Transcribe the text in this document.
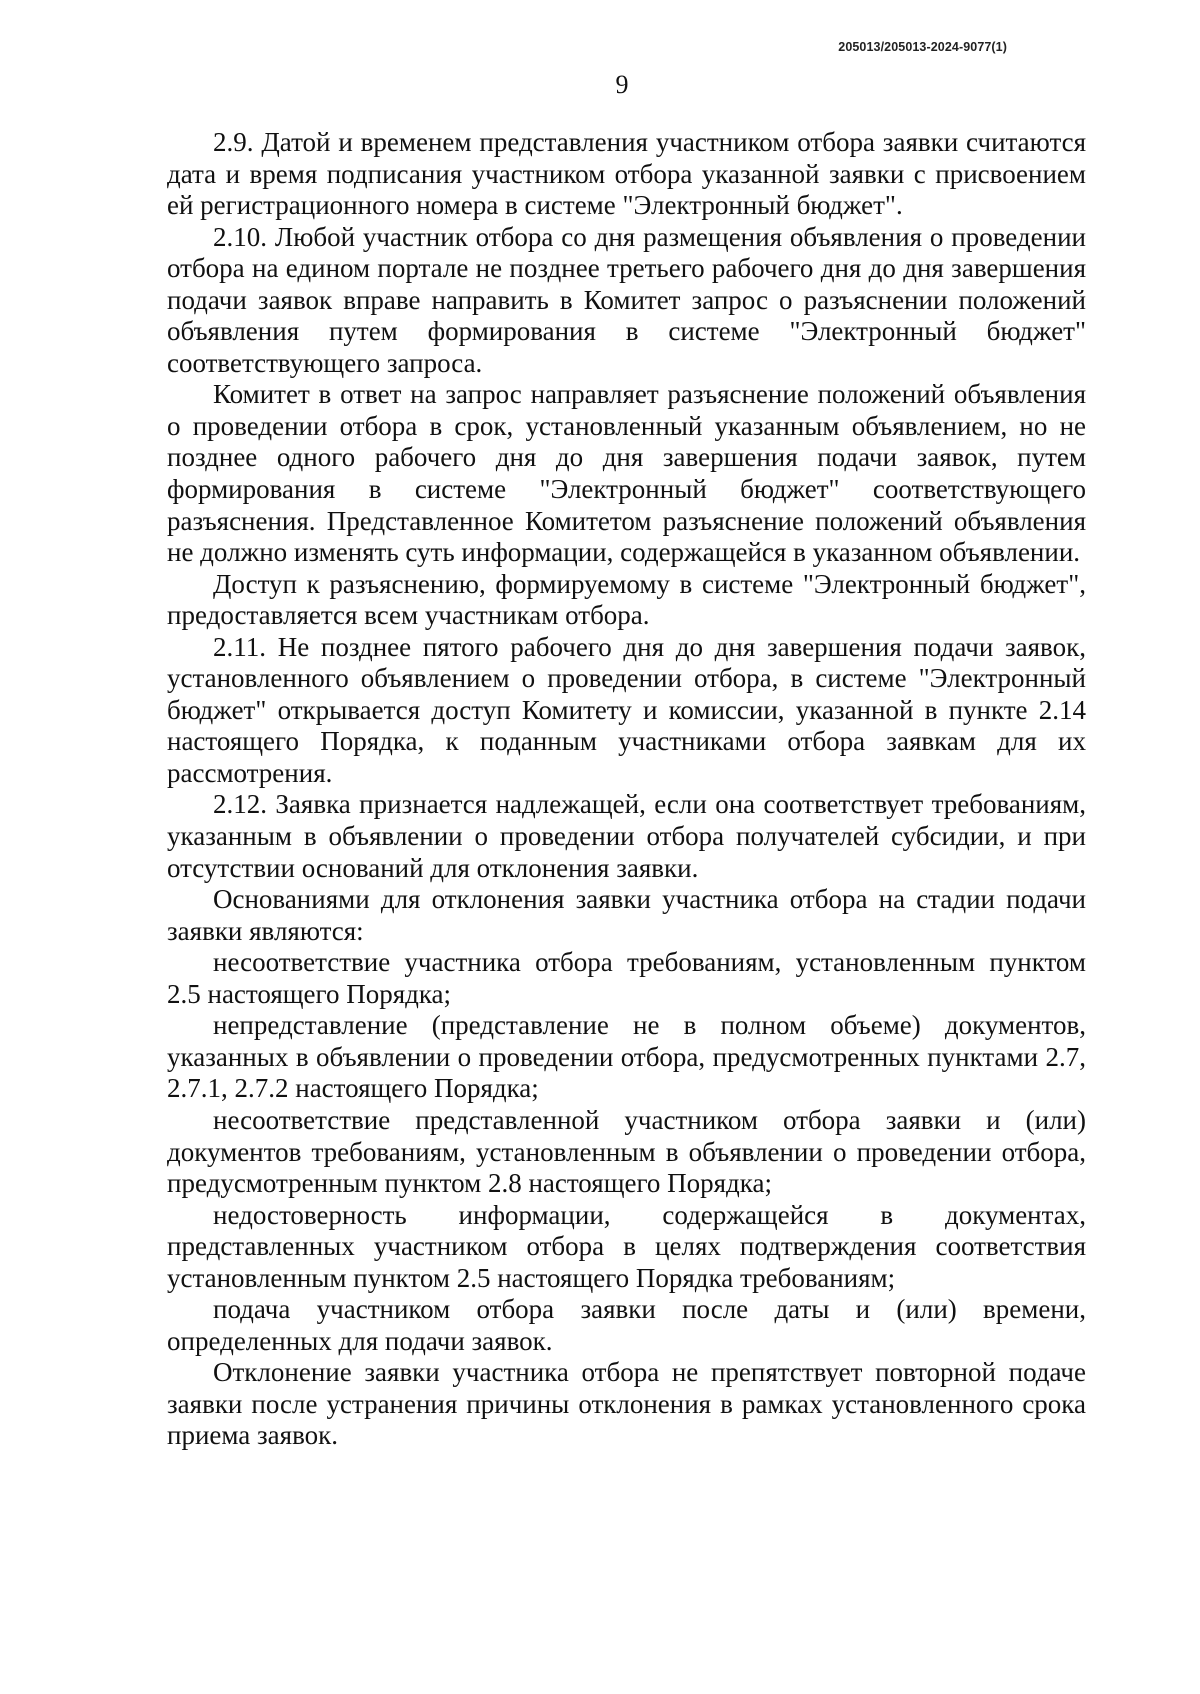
205013/205013-2024-9077(1)
9

2.9. Датой и временем представления участником отбора заявки считаются дата и время подписания участником отбора указанной заявки с присвоением ей регистрационного номера в системе "Электронный бюджет".

2.10. Любой участник отбора со дня размещения объявления о проведении отбора на едином портале не позднее третьего рабочего дня до дня завершения подачи заявок вправе направить в Комитет запрос о разъяснении положений объявления путем формирования в системе "Электронный бюджет" соответствующего запроса.

Комитет в ответ на запрос направляет разъяснение положений объявления о проведении отбора в срок, установленный указанным объявлением, но не позднее одного рабочего дня до дня завершения подачи заявок, путем формирования в системе "Электронный бюджет" соответствующего разъяснения. Представленное Комитетом разъяснение положений объявления не должно изменять суть информации, содержащейся в указанном объявлении.

Доступ к разъяснению, формируемому в системе "Электронный бюджет", предоставляется всем участникам отбора.

2.11. Не позднее пятого рабочего дня до дня завершения подачи заявок, установленного объявлением о проведении отбора, в системе "Электронный бюджет" открывается доступ Комитету и комиссии, указанной в пункте 2.14 настоящего Порядка, к поданным участниками отбора заявкам для их рассмотрения.

2.12. Заявка признается надлежащей, если она соответствует требованиям, указанным в объявлении о проведении отбора получателей субсидии, и при отсутствии оснований для отклонения заявки.

Основаниями для отклонения заявки участника отбора на стадии подачи заявки являются:

несоответствие участника отбора требованиям, установленным пунктом 2.5 настоящего Порядка;

непредставление (представление не в полном объеме) документов, указанных в объявлении о проведении отбора, предусмотренных пунктами 2.7, 2.7.1, 2.7.2 настоящего Порядка;

несоответствие представленной участником отбора заявки и (или) документов требованиям, установленным в объявлении о проведении отбора, предусмотренным пунктом 2.8 настоящего Порядка;

недостоверность информации, содержащейся в документах, представленных участником отбора в целях подтверждения соответствия установленным пунктом 2.5 настоящего Порядка требованиям;

подача участником отбора заявки после даты и (или) времени, определенных для подачи заявок.

Отклонение заявки участника отбора не препятствует повторной подаче заявки после устранения причины отклонения в рамках установленного срока приема заявок.
